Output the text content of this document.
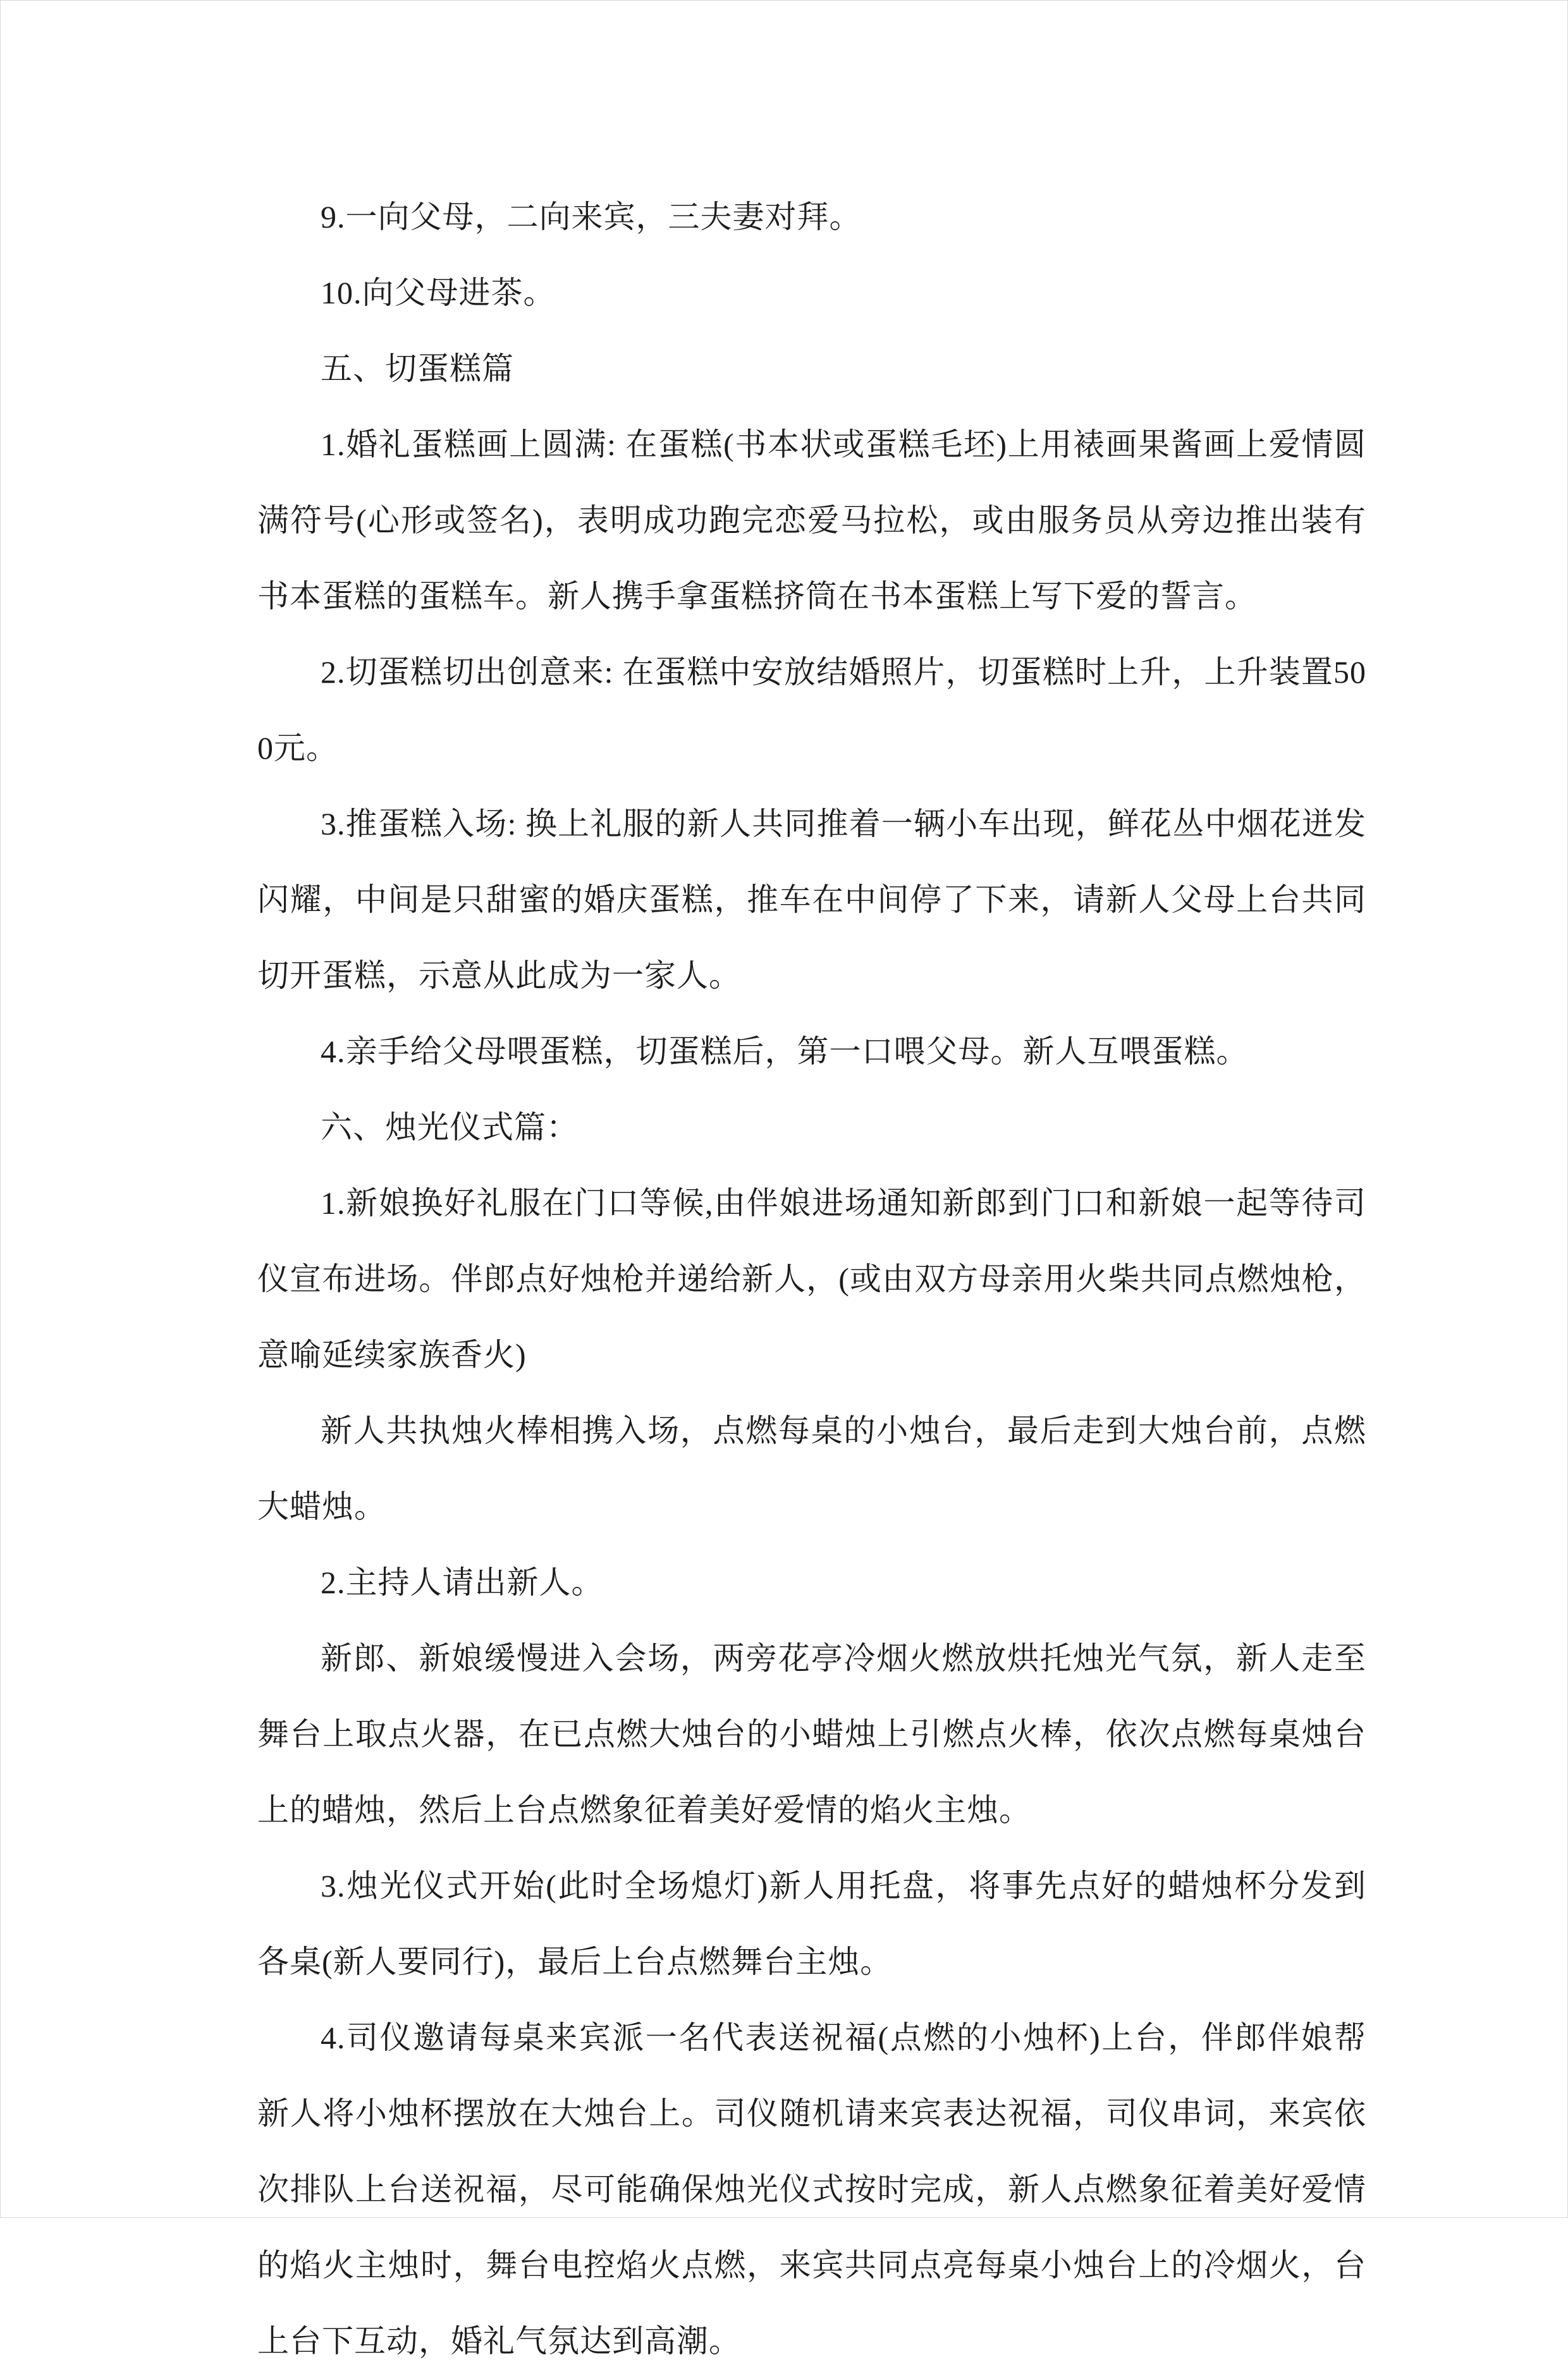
9.一向父母，二向来宾，三夫妻对拜。

10.向父母进茶。

五、切蛋糕篇

1.婚礼蛋糕画上圆满: 在蛋糕(书本状或蛋糕毛坯)上用裱画果酱画上爱情圆满符号(心形或签名)，表明成功跑完恋爱马拉松，或由服务员从旁边推出装有书本蛋糕的蛋糕车。新人携手拿蛋糕挤筒在书本蛋糕上写下爱的誓言。

2.切蛋糕切出创意来: 在蛋糕中安放结婚照片，切蛋糕时上升，上升装置500元。

3.推蛋糕入场: 换上礼服的新人共同推着一辆小车出现，鲜花丛中烟花迸发闪耀，中间是只甜蜜的婚庆蛋糕，推车在中间停了下来，请新人父母上台共同切开蛋糕，示意从此成为一家人。

4.亲手给父母喂蛋糕，切蛋糕后，第一口喂父母。新人互喂蛋糕。

六、烛光仪式篇：

1.新娘换好礼服在门口等候,由伴娘进场通知新郎到门口和新娘一起等待司仪宣布进场。伴郎点好烛枪并递给新人，(或由双方母亲用火柴共同点燃烛枪，意喻延续家族香火)

新人共执烛火棒相携入场，点燃每桌的小烛台，最后走到大烛台前，点燃大蜡烛。

2.主持人请出新人。

新郎、新娘缓慢进入会场，两旁花亭冷烟火燃放烘托烛光气氛，新人走至舞台上取点火器，在已点燃大烛台的小蜡烛上引燃点火棒，依次点燃每桌烛台上的蜡烛，然后上台点燃象征着美好爱情的焰火主烛。

3.烛光仪式开始(此时全场熄灯)新人用托盘，将事先点好的蜡烛杯分发到各桌(新人要同行)，最后上台点燃舞台主烛。

4.司仪邀请每桌来宾派一名代表送祝福(点燃的小烛杯)上台，伴郎伴娘帮新人将小烛杯摆放在大烛台上。司仪随机请来宾表达祝福，司仪串词，来宾依次排队上台送祝福，尽可能确保烛光仪式按时完成，新人点燃象征着美好爱情的焰火主烛时，舞台电控焰火点燃，来宾共同点亮每桌小烛台上的冷烟火，台上台下互动，婚礼气氛达到高潮。
